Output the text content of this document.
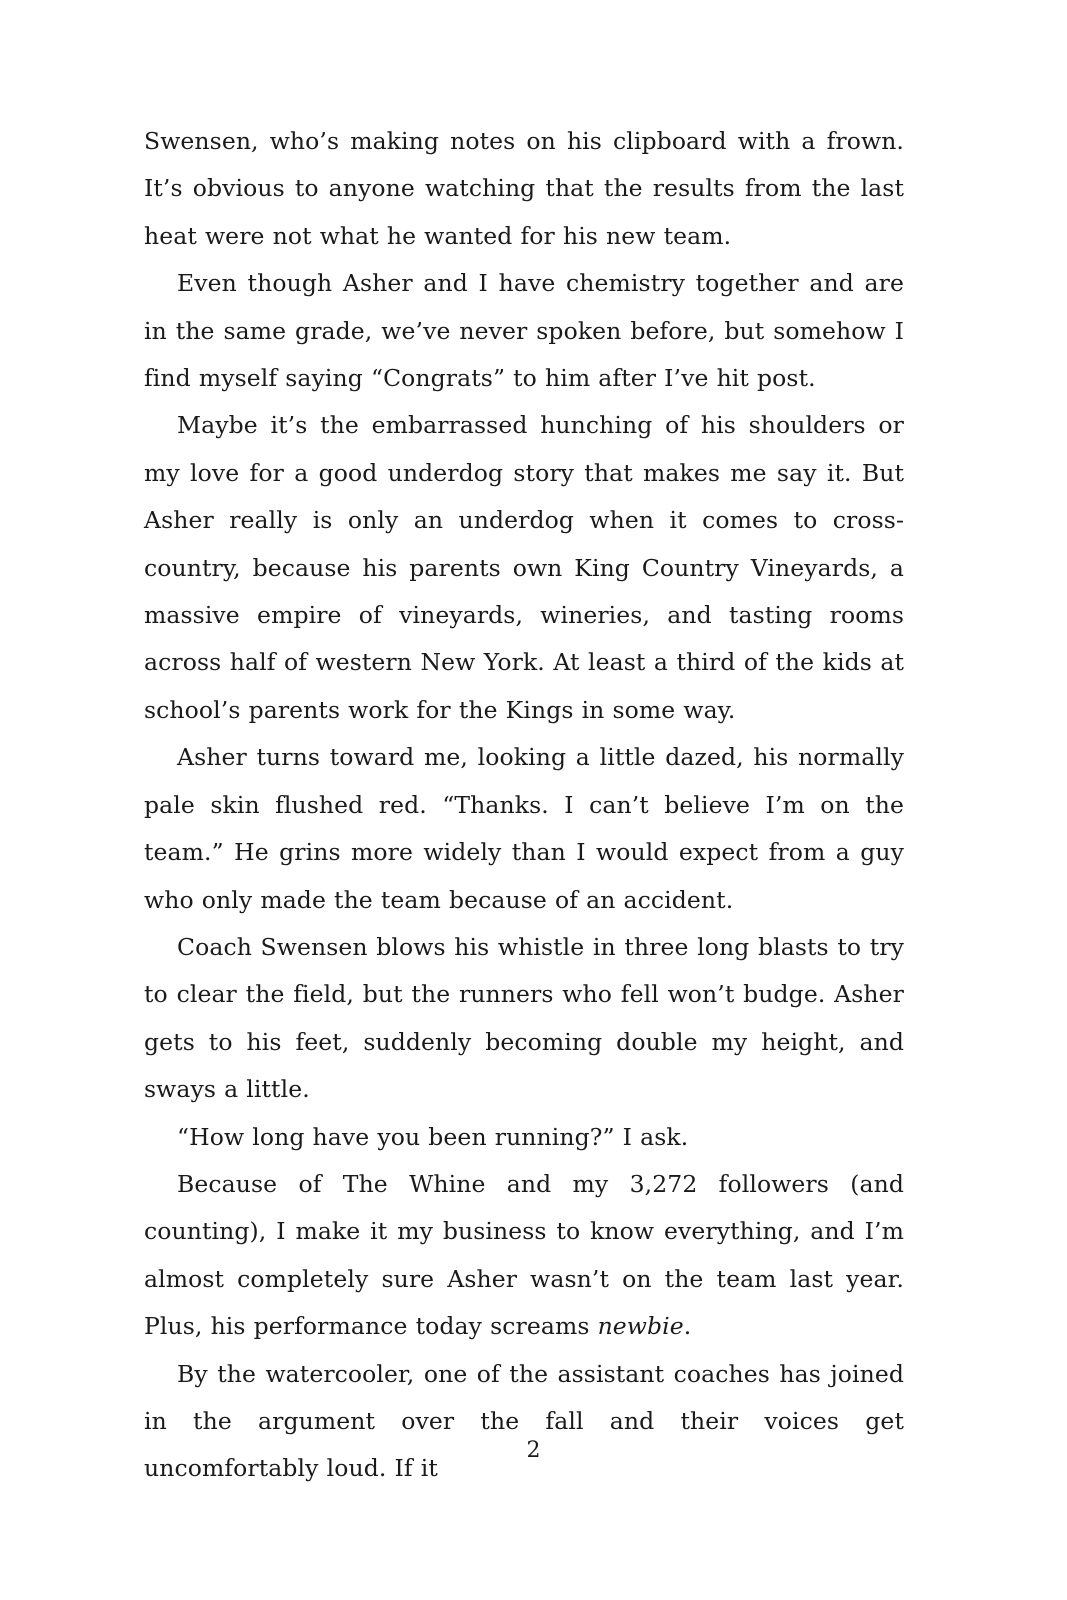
Swensen, who’s making notes on his clipboard with a frown. It’s obvious to anyone watching that the results from the last heat were not what he wanted for his new team.

Even though Asher and I have chemistry together and are in the same grade, we’ve never spoken before, but somehow I find myself saying “Congrats” to him after I’ve hit post.

Maybe it’s the embarrassed hunching of his shoulders or my love for a good underdog story that makes me say it. But Asher really is only an underdog when it comes to cross-country, because his parents own King Country Vineyards, a massive empire of vineyards, wineries, and tasting rooms across half of western New York. At least a third of the kids at school’s parents work for the Kings in some way.

Asher turns toward me, looking a little dazed, his normally pale skin flushed red. “Thanks. I can’t believe I’m on the team.” He grins more widely than I would expect from a guy who only made the team because of an accident.

Coach Swensen blows his whistle in three long blasts to try to clear the field, but the runners who fell won’t budge. Asher gets to his feet, suddenly becoming double my height, and sways a little.

“How long have you been running?” I ask.

Because of The Whine and my 3,272 followers (and counting), I make it my business to know everything, and I’m almost completely sure Asher wasn’t on the team last year. Plus, his performance today screams newbie.

By the watercooler, one of the assistant coaches has joined in the argument over the fall and their voices get uncomfortably loud. If it

2
